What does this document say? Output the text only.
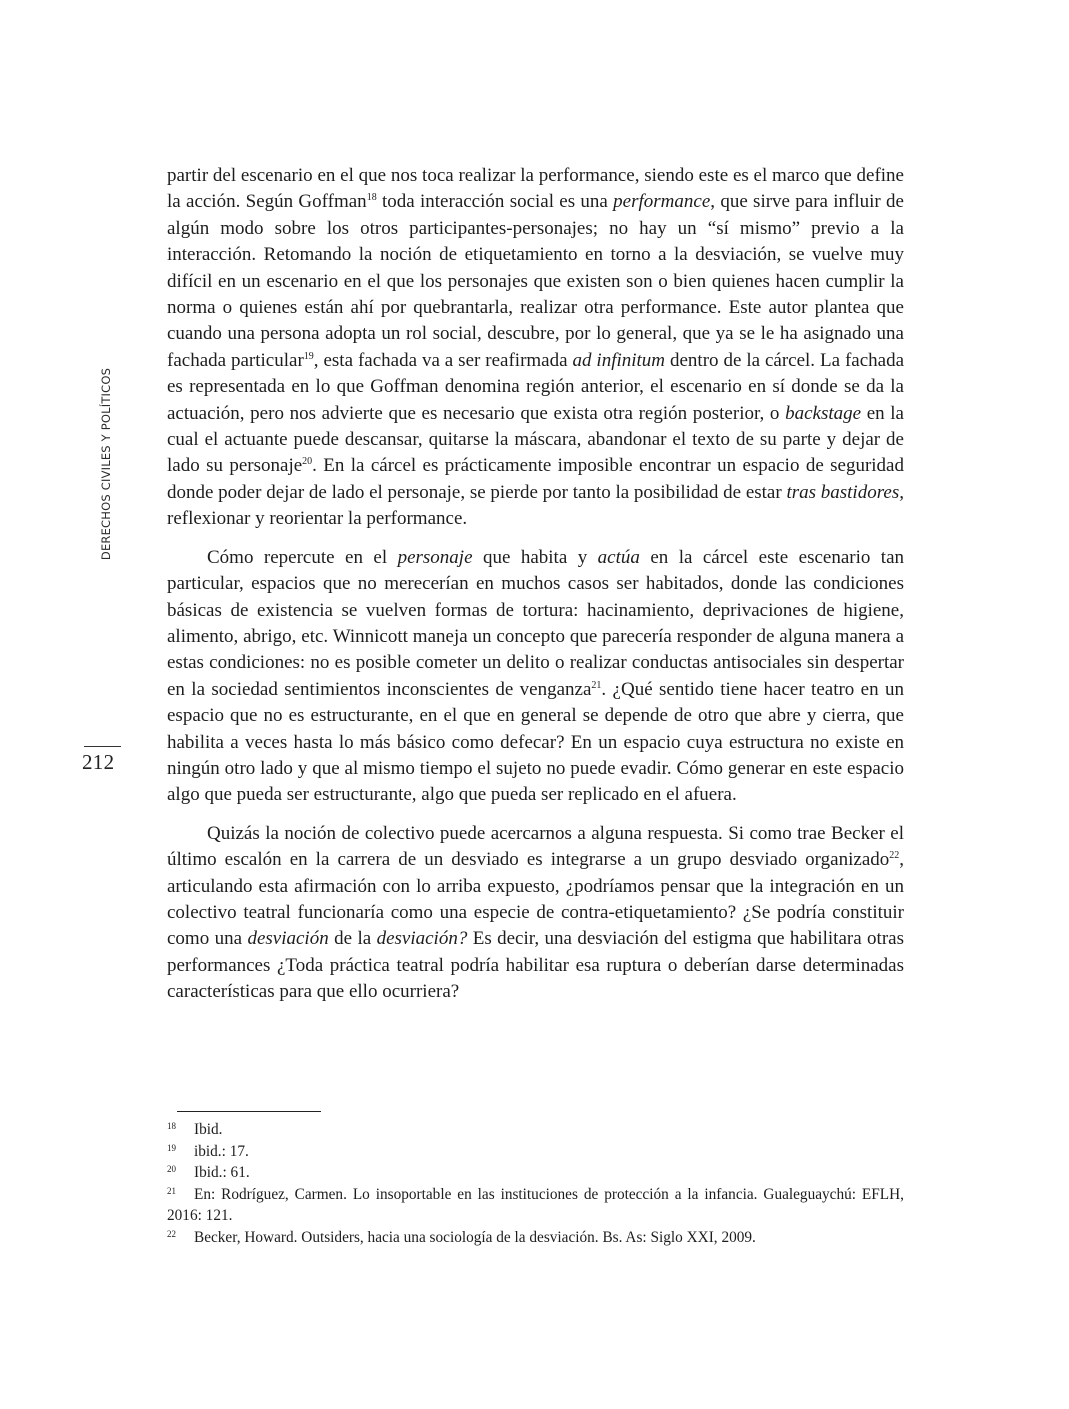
DERECHOS CIVILES Y POLÍTICOS
212

partir del escenario en el que nos toca realizar la performance, siendo este es el marco que define la acción. Según Goffman$^{18}$ toda interacción social es una performance, que sirve para influir de algún modo sobre los otros participantes-personajes; no hay un “sí mismo” previo a la interacción. Retomando la noción de etiquetamiento en torno a la desviación, se vuelve muy difícil en un escenario en el que los personajes que existen son o bien quienes hacen cumplir la norma o quienes están ahí por quebrantarla, realizar otra performance. Este autor plantea que cuando una persona adopta un rol social, descubre, por lo general, que ya se le ha asignado una fachada particular$^{19}$, esta fachada va a ser reafirmada ad infinitum dentro de la cárcel. La fachada es representada en lo que Goffman denomina región anterior, el escenario en sí donde se da la actuación, pero nos advierte que es necesario que exista otra región posterior, o backstage en la cual el actuante puede descansar, quitarse la máscara, abandonar el texto de su parte y dejar de lado su personaje$^{20}$. En la cárcel es prácticamente imposible encontrar un espacio de seguridad donde poder dejar de lado el personaje, se pierde por tanto la posibilidad de estar tras bastidores, reflexionar y reorientar la performance.

Cómo repercute en el personaje que habita y actúa en la cárcel este escenario tan particular, espacios que no merecerían en muchos casos ser habitados, donde las condiciones básicas de existencia se vuelven formas de tortura: hacinamiento, deprivaciones de higiene, alimento, abrigo, etc. Winnicott maneja un concepto que parecería responder de alguna manera a estas condiciones: no es posible cometer un delito o realizar conductas antisociales sin despertar en la sociedad sentimientos inconscientes de venganza$^{21}$. ¿Qué sentido tiene hacer teatro en un espacio que no es estructurante, en el que en general se depende de otro que abre y cierra, que habilita a veces hasta lo más básico como defecar? En un espacio cuya estructura no existe en ningún otro lado y que al mismo tiempo el sujeto no puede evadir. Cómo generar en este espacio algo que pueda ser estructurante, algo que pueda ser replicado en el afuera.

Quizás la noción de colectivo puede acercarnos a alguna respuesta. Si como trae Becker el último escalón en la carrera de un desviado es integrarse a un grupo desviado organizado$^{22}$, articulando esta afirmación con lo arriba expuesto, ¿podríamos pensar que la integración en un colectivo teatral funcionaría como una especie de contra-etiquetamiento? ¿Se podría constituir como una desviación de la desviación? Es decir, una desviación del estigma que habilitara otras performances ¿Toda práctica teatral podría habilitar esa ruptura o deberían darse determinadas características para que ello ocurriera?

18 Ibid.

19 ibid.: 17.

20 Ibid.: 61.

21 En: Rodríguez, Carmen. Lo insoportable en las instituciones de protección a la infancia. Gualeguaychú: EFLH, 2016: 121.

22 Becker, Howard. Outsiders, hacia una sociología de la desviación. Bs. As: Siglo XXI, 2009.
